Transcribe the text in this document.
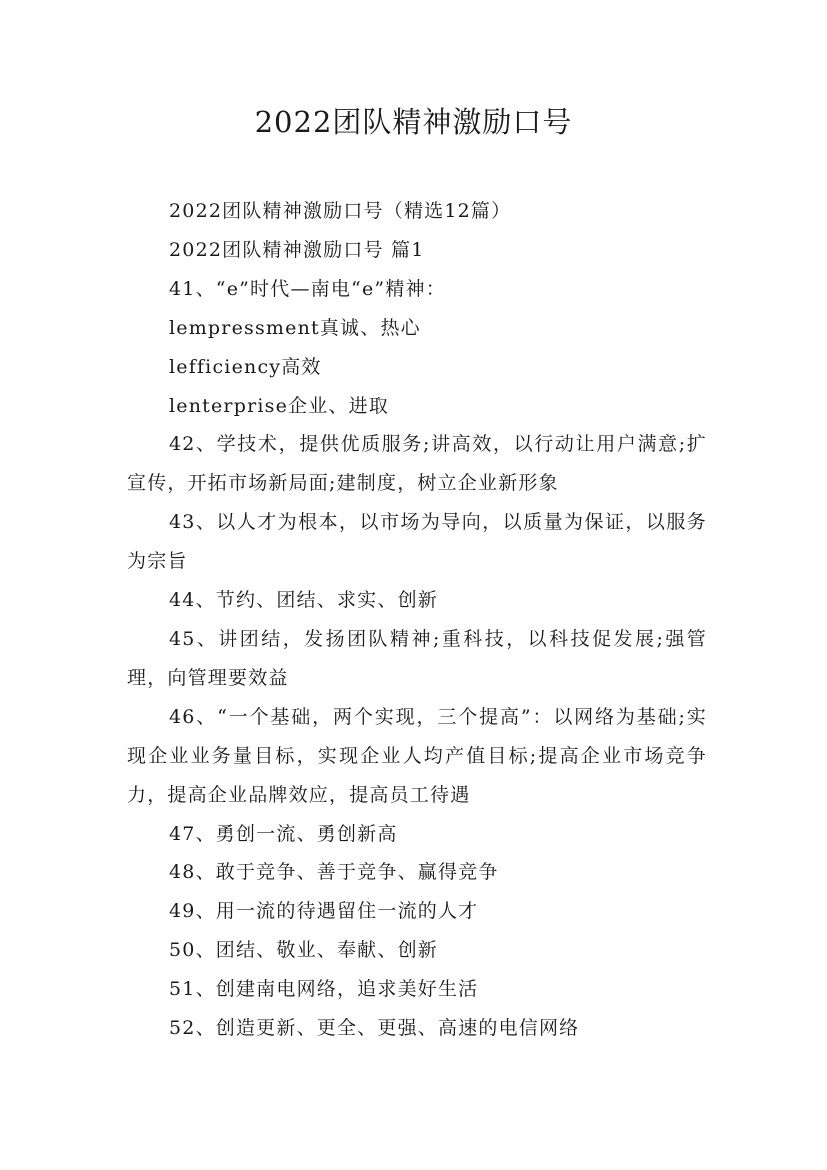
2022团队精神激励口号

2022团队精神激励口号（精选12篇）

2022团队精神激励口号 篇1

41、“e”时代—南电“e”精神：

lempressment真诚、热心

lefficiency高效

lenterprise企业、进取

42、学技术，提供优质服务;讲高效，以行动让用户满意;扩宣传，开拓市场新局面;建制度，树立企业新形象

43、以人才为根本，以市场为导向，以质量为保证，以服务为宗旨

44、节约、团结、求实、创新

45、讲团结，发扬团队精神;重科技，以科技促发展;强管理，向管理要效益

46、“一个基础，两个实现，三个提高”：以网络为基础;实现企业业务量目标，实现企业人均产值目标;提高企业市场竞争力，提高企业品牌效应，提高员工待遇

47、勇创一流、勇创新高

48、敢于竞争、善于竞争、赢得竞争

49、用一流的待遇留住一流的人才

50、团结、敬业、奉献、创新

51、创建南电网络，追求美好生活

52、创造更新、更全、更强、高速的电信网络
